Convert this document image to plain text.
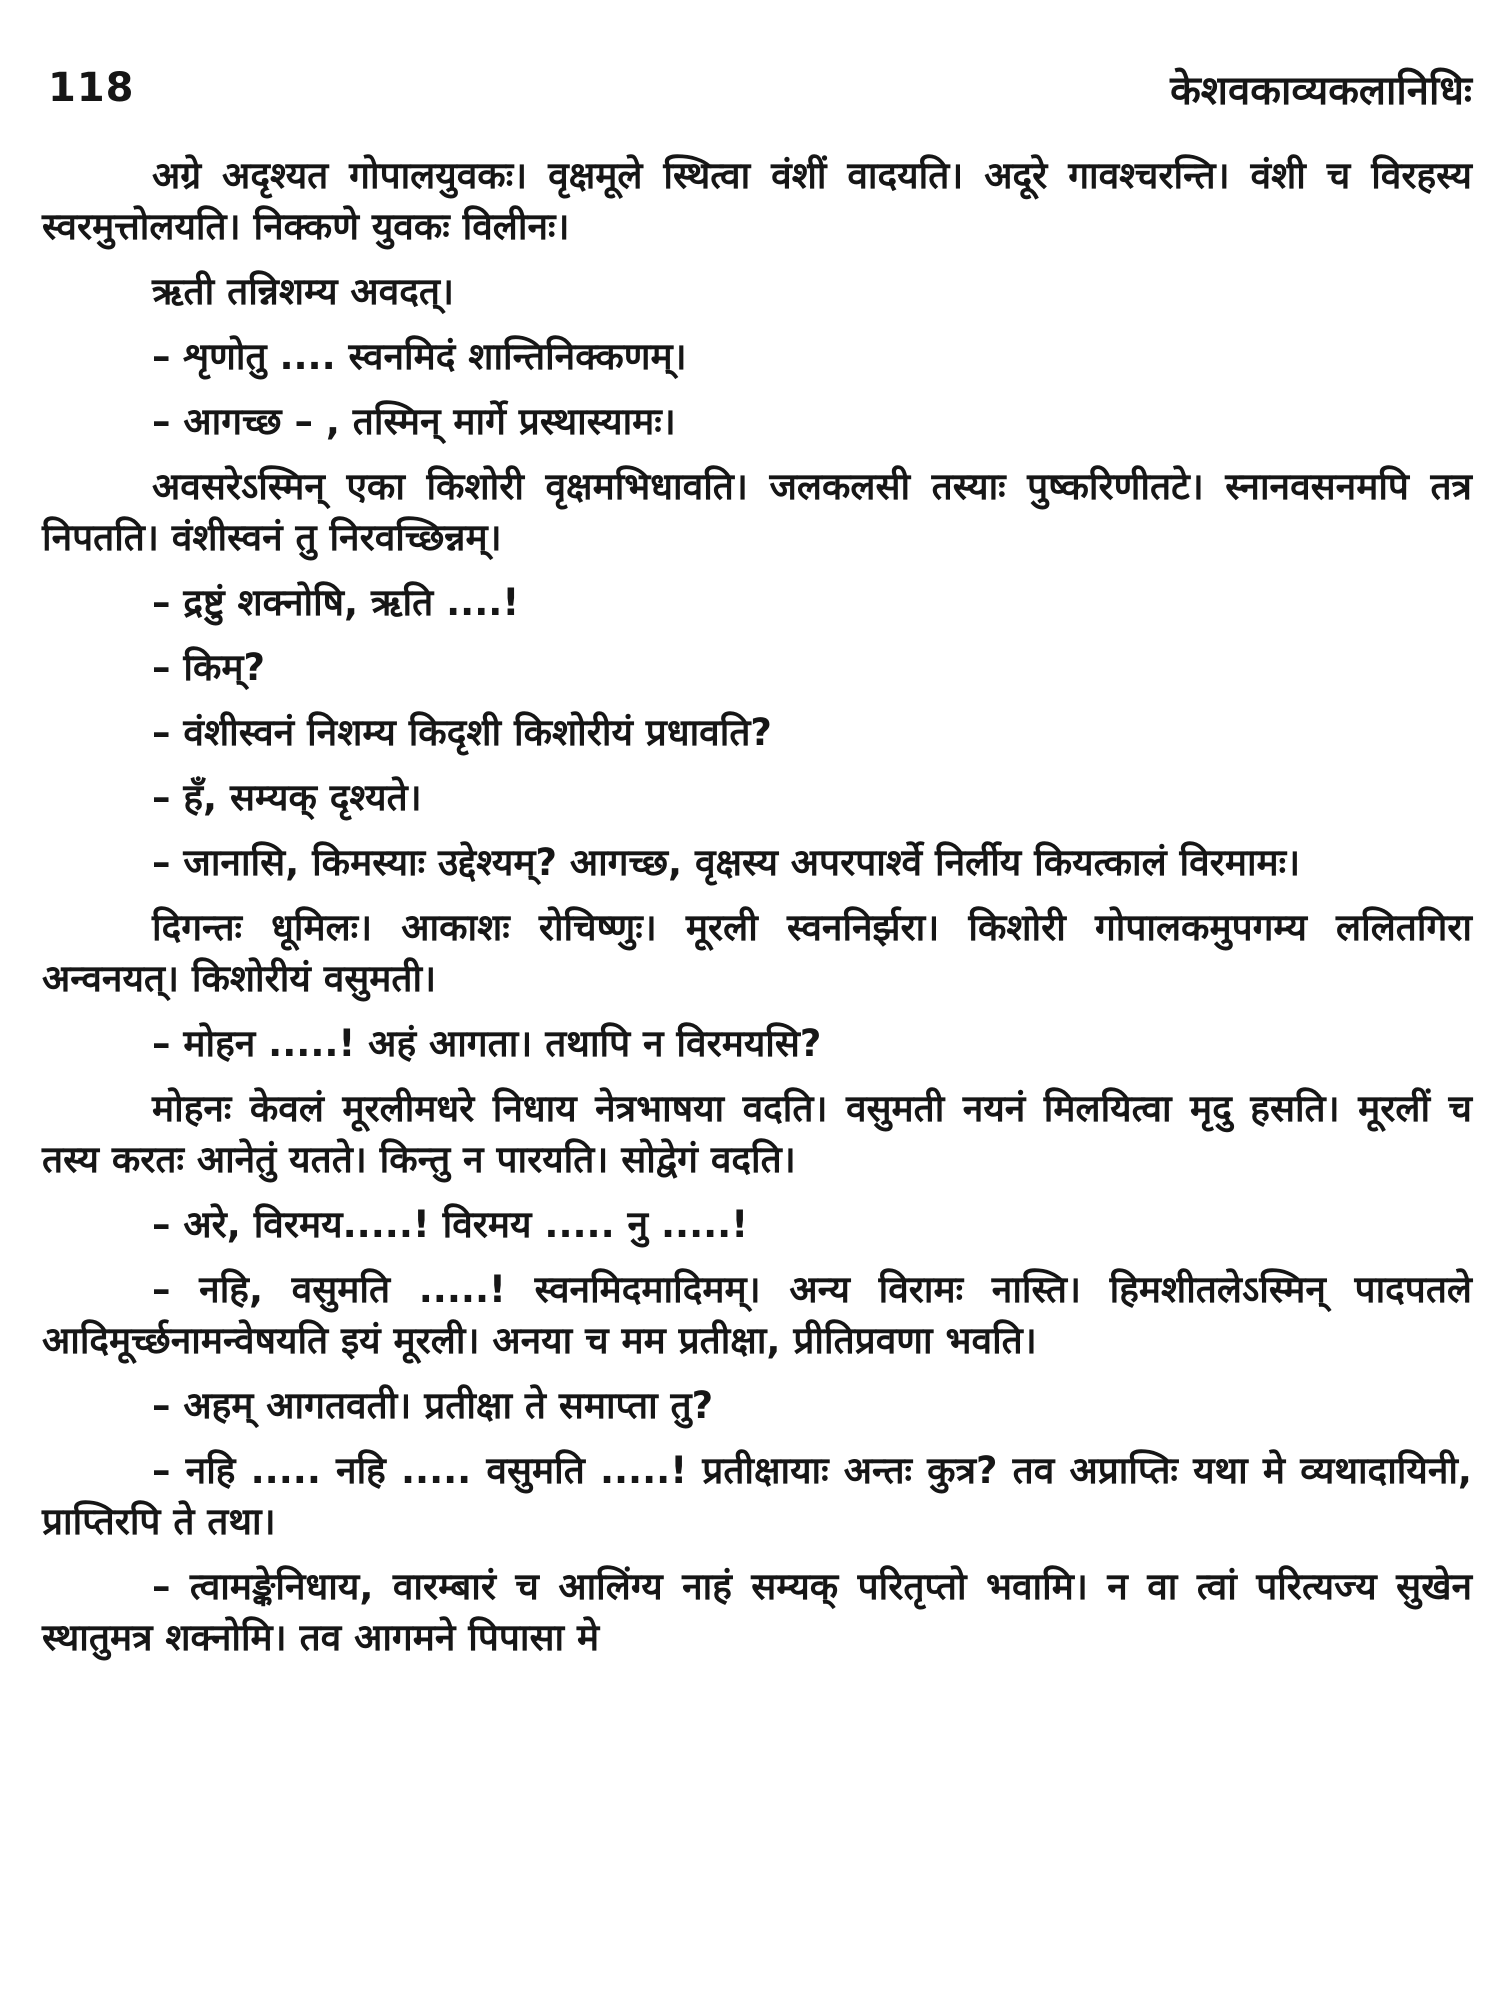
118	केशवकाव्यकलानिधिः

अग्रे अदृश्यत गोपालयुवकः। वृक्षमूले स्थित्वा वंशीं वादयति। अदूरे गावश्चरन्ति। वंशी च विरहस्य स्वरमुत्तोलयति। निक्कणे युवकः विलीनः।

ऋती तन्निशम्य अवदत्।

– शृणोतु .... स्वनमिदं शान्तिनिक्कणम्।

– आगच्छ – , तस्मिन् मार्गे प्रस्थास्यामः।

अवसरेऽस्मिन् एका किशोरी वृक्षमभिधावति। जलकलसी तस्याः पुष्करिणीतटे। स्नानवसनमपि तत्र निपतति। वंशीस्वनं तु निरवच्छिन्नम्।

– द्रष्टुं शक्नोषि, ऋति ....!

– किम्?

– वंशीस्वनं निशम्य किदृशी किशोरीयं प्रधावति?

– हँ, सम्यक् दृश्यते।

– जानासि, किमस्याः उद्देश्यम्? आगच्छ, वृक्षस्य अपरपार्श्वे निर्लीय कियत्कालं विरमामः।

दिगन्तः धूमिलः। आकाशः रोचिष्णुः। मूरली स्वननिर्झरा। किशोरी गोपालकमुपगम्य ललितगिरा अन्वनयत्। किशोरीयं वसुमती।

– मोहन .....! अहं आगता। तथापि न विरमयसि?

मोहनः केवलं मूरलीमधरे निधाय नेत्रभाषया वदति। वसुमती नयनं मिलयित्वा मृदु हसति। मूरलीं च तस्य करतः आनेतुं यतते। किन्तु न पारयति। सोद्वेगं वदति।

– अरे, विरमय.....! विरमय ..... नु .....!

– नहि, वसुमति .....! स्वनमिदमादिमम्। अन्य विरामः नास्ति। हिमशीतलेऽस्मिन् पादपतले आदिमूर्च्छनामन्वेषयति इयं मूरली। अनया च मम प्रतीक्षा, प्रीतिप्रवणा भवति।

– अहम् आगतवती। प्रतीक्षा ते समाप्ता तु?

– नहि ..... नहि ..... वसुमति .....! प्रतीक्षायाः अन्तः कुत्र? तव अप्राप्तिः यथा मे व्यथादायिनी, प्राप्तिरपि ते तथा।

– त्वामङ्केनिधाय, वारम्बारं च आलिंग्य नाहं सम्यक् परितृप्तो भवामि। न वा त्वां परित्यज्य सुखेन स्थातुमत्र शक्नोमि। तव आगमने पिपासा मे
